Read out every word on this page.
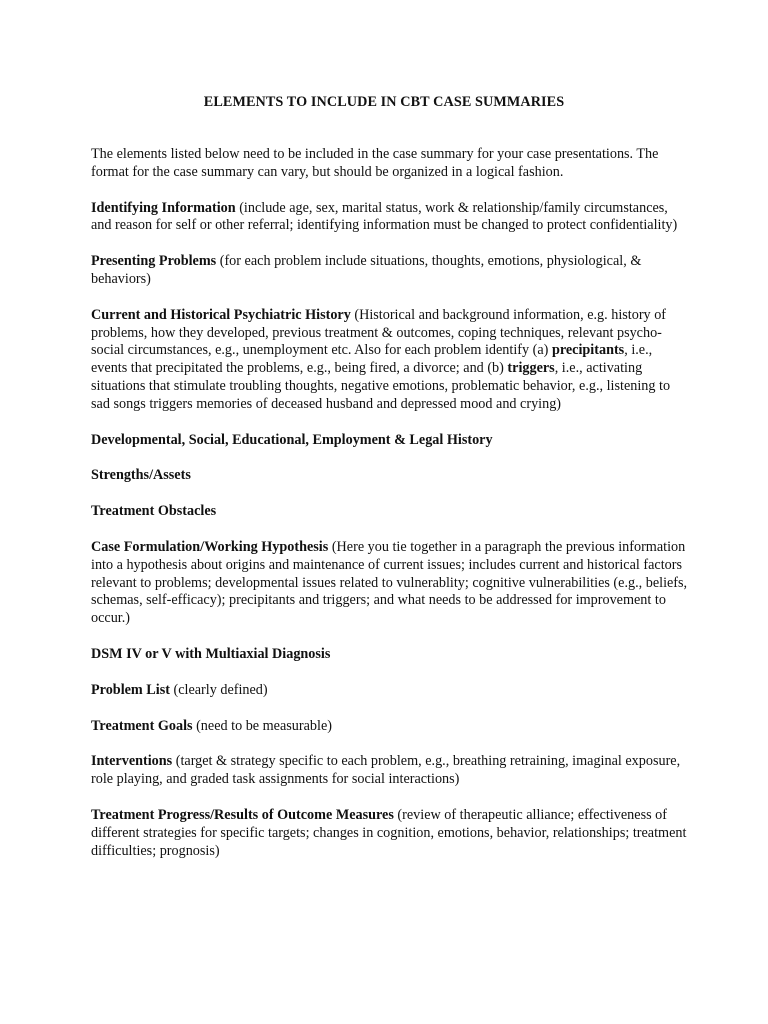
ELEMENTS TO INCLUDE IN CBT CASE SUMMARIES

The elements listed below need to be included in the case summary for your case presentations. The format for the case summary can vary, but should be organized in a logical fashion.

Identifying Information (include age, sex, marital status, work & relationship/family circumstances, and reason for self or other referral; identifying information must be changed to protect confidentiality)

Presenting Problems (for each problem include situations, thoughts, emotions, physiological, & behaviors)

Current and Historical Psychiatric History (Historical and background information, e.g. history of problems, how they developed, previous treatment & outcomes, coping techniques, relevant psycho-social circumstances, e.g., unemployment etc. Also for each problem identify (a) precipitants, i.e., events that precipitated the problems, e.g., being fired, a divorce; and (b) triggers, i.e., activating situations that stimulate troubling thoughts, negative emotions, problematic behavior, e.g., listening to sad songs triggers memories of deceased husband and depressed mood and crying)

Developmental, Social, Educational, Employment & Legal History

Strengths/Assets

Treatment Obstacles

Case Formulation/Working Hypothesis (Here you tie together in a paragraph the previous information into a hypothesis about origins and maintenance of current issues; includes current and historical factors relevant to problems; developmental issues related to vulnerablity; cognitive vulnerabilities (e.g., beliefs, schemas, self-efficacy); precipitants and triggers; and what needs to be addressed for improvement to occur.)

DSM IV or V with Multiaxial Diagnosis

Problem List (clearly defined)

Treatment Goals (need to be measurable)

Interventions (target & strategy specific to each problem, e.g., breathing retraining, imaginal exposure, role playing, and graded task assignments for social interactions)

Treatment Progress/Results of Outcome Measures (review of therapeutic alliance; effectiveness of different strategies for specific targets; changes in cognition, emotions, behavior, relationships; treatment difficulties; prognosis)
